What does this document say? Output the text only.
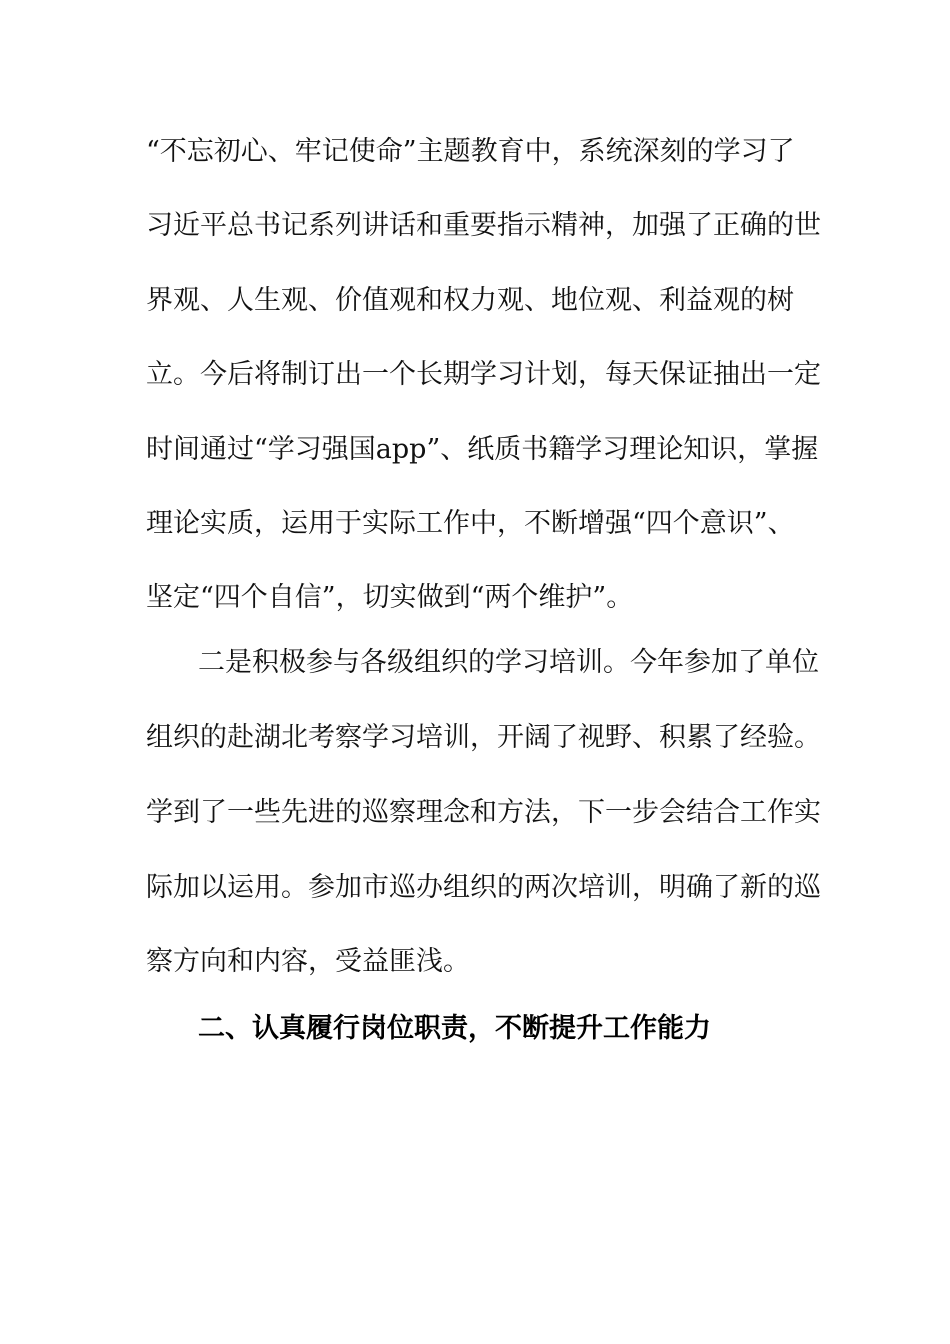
“不忘初心、牢记使命”主题教育中，系统深刻的学习了
习近平总书记系列讲话和重要指示精神，加强了正确的世
界观、人生观、价值观和权力观、地位观、利益观的树
立。今后将制订出一个长期学习计划，每天保证抽出一定
时间通过“学习强国app”、纸质书籍学习理论知识，掌握
理论实质，运用于实际工作中，不断增强“四个意识”、
坚定“四个自信”，切实做到“两个维护”。
二是积极参与各级组织的学习培训。今年参加了单位
组织的赴湖北考察学习培训，开阔了视野、积累了经验。
学到了一些先进的巡察理念和方法，下一步会结合工作实
际加以运用。参加市巡办组织的两次培训，明确了新的巡
察方向和内容，受益匪浅。
二、认真履行岗位职责，不断提升工作能力
